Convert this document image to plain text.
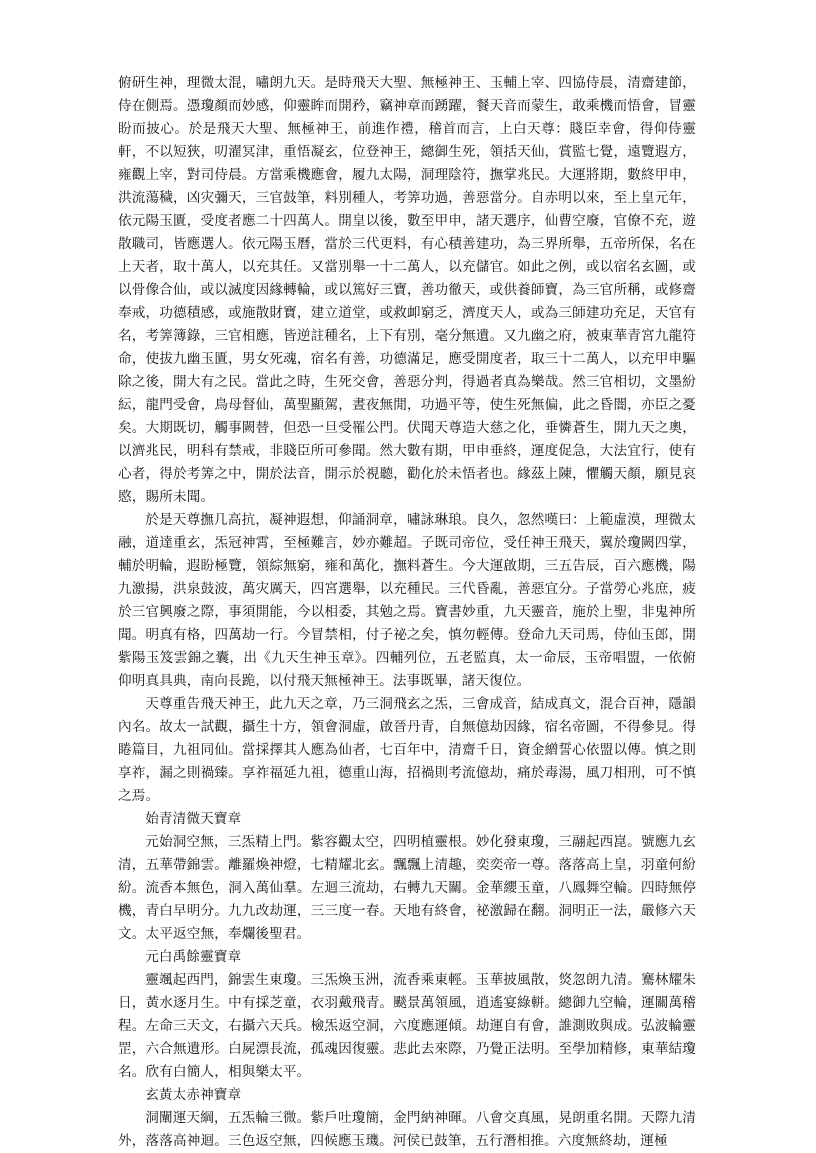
俯研生神，理微太混，嘯朗九天。是時飛天大聖、無極神王、玉輔上宰、四協侍晨，清齋建節，侍在側焉。憑瓊顏而妙感，仰靈眸而開矜，竊神章而踴躍，餐天音而蒙生，敢乘機而悟會，冒靈盼而披心。於是飛天大聖、無極神王，前進作禮，稽首而言，上白天尊：賤臣幸會，得仰侍靈軒，不以短狹，叨濯冥津，重悟凝玄，位登神王，總御生死，領括天仙，賞監七覺，遠覽遐方，雍觀上宰，對司侍晨。方當乘機應會，履九太陽，洞理陰符，撫掌兆民。大運將期，數終甲申，洪流蕩穢，凶灾彌天，三官鼓筆，料別種人，考筭功過，善惡當分。自赤明以來，至上皇元年，依元陽玉匱，受度者應二十四萬人。開皇以後，數至甲申，諸天選序，仙曹空廢，官僚不充，遊散職司，皆應選人。依元陽玉曆，當於三代更料，有心積善建功，為三界所舉，五帝所保，名在上天者，取十萬人，以充其任。又當別舉一十二萬人，以充儲官。如此之例，或以宿名玄圖，或以骨像合仙，或以滅度因緣轉輪，或以篤好三寶，善功徹天，或供養師寶，為三官所稱，或修齋奉戒，功德積感，或施散財寶，建立道堂，或救卹窮乏，濟度天人，或為三師建功充足，天官有名，考筭簿錄，三官相應，皆逆註種名，上下有別，毫分無遺。又九幽之府，被東華青宮九龍符命，使拔九幽玉匱，男女死魂，宿名有善，功德滿足，應受開度者，取三十二萬人，以充甲申驅除之後，開大有之民。當此之時，生死交會，善惡分判，得過者真為樂哉。然三官相切，文墨紛紜，龍門受會，鳥母督仙，萬聖顯駕，晝夜無閒，功過平等，使生死無偏，此之昏闇，亦臣之憂矣。大期既切，觸事闕替，但恐一旦受罹公門。伏聞天尊造大慈之化，垂憐蒼生，開九天之奧，以濟兆民，明科有禁戒，非賤臣所可參聞。然大數有期，甲申垂終，運度促急，大法宜行，使有心者，得於考筭之中，開於法音，開示於視聽，勸化於未悟者也。緣茲上陳，懼觸天顏，願見哀愍，賜所未聞。

於是天尊撫几高抗，凝神遐想，仰誦洞章，嘯詠琳琅。良久，忽然嘆曰：上範虛漠，理微太融，道達重玄，炁冠神霄，至極難言，妙亦難超。子既司帝位，受任神王飛天，翼於瓊闕四掌，輔於明輪，遐盼極覽，領綜無窮，雍和萬化，撫料蒼生。今大運啟期，三五告辰，百六應機，陽九激揚，洪泉鼓波，萬灾厲天，四宮選舉，以充種民。三代昏亂，善惡宜分。子當勞心兆庶，疲於三官興廢之際，事須開能，今以相委，其勉之焉。寶書妙重，九天靈音，施於上聖，非鬼神所聞。明真有格，四萬劫一行。今冒禁相，付子祕之矣，慎勿輕傳。登命九天司馬，侍仙玉郎，開紫陽玉笈雲錦之囊，出《九天生神玉章》。四輔列位，五老監真，太一命辰，玉帝唱盟，一依俯仰明真具典，南向長跪，以付飛天無極神王。法事既畢，諸天復位。

天尊重告飛天神王，此九天之章，乃三洞飛玄之炁，三會成音，結成真文，混合百神，隱韻內名。故太一試觀，攝生十方，領會洞虛，啟晉丹青，自無億劫因緣，宿名帝圖，不得參見。得睠篇目，九祖同仙。當採擇其人應為仙者，七百年中，清齋千日，資金繒誓心依盟以傳。慎之則享祚，漏之則禍臻。享祚福延九祖，德重山海，招禍則考流億劫，痛於毒湯，風刀相刑，可不慎之焉。

始青清微天寶章

元始洞空無，三炁精上門。紫容觀太空，四明植靈根。妙化發東瓊，三翮起西崑。號應九玄清，五華帶錦雲。離羅煥神燈，七精耀北玄。飄飄上清趣，奕奕帝一尊。落落高上皇，羽童何紛紛。流香本無色，洞入萬仙羣。左迴三流劫，右轉九天關。金華纓玉童，八鳳舞空輪。四時無停機，青白早明分。九九改劫運，三三度一春。天地有終會，祕激歸在翻。洞明正一法，嚴修六天文。太平返空無，奉爛後聖君。

元白禹餘靈寶章

靈颯起西門，錦雲生東瓊。三炁煥玉洲，流香乘東輕。玉華披風散，焂忽朗九清。騫林耀朱日，黃水逐月生。中有採芝童，衣羽戴飛青。颷景萬領風，逍遙宴綠軿。總御九空輪，運關萬稽程。左命三天文，右攝六天兵。檢炁返空洞，六度應運傾。劫運自有會，誰測敗與成。弘波輪靈罡，六合無遺形。白屍漂長流，孤魂因復靈。悲此去來際，乃覺正法明。至學加精修，東華結瓊名。欣有白簡人，相與樂太平。

玄黃太赤神寶章

洞闡運天綱，五炁輪三微。紫戶吐瓊簡，金門納神暉。八會交真風，晃朗重名開。天際九清外，落落高神迴。三色返空無，四候應玉璣。河侯已鼓筆，五行潛相推。六度無終劫，運極
